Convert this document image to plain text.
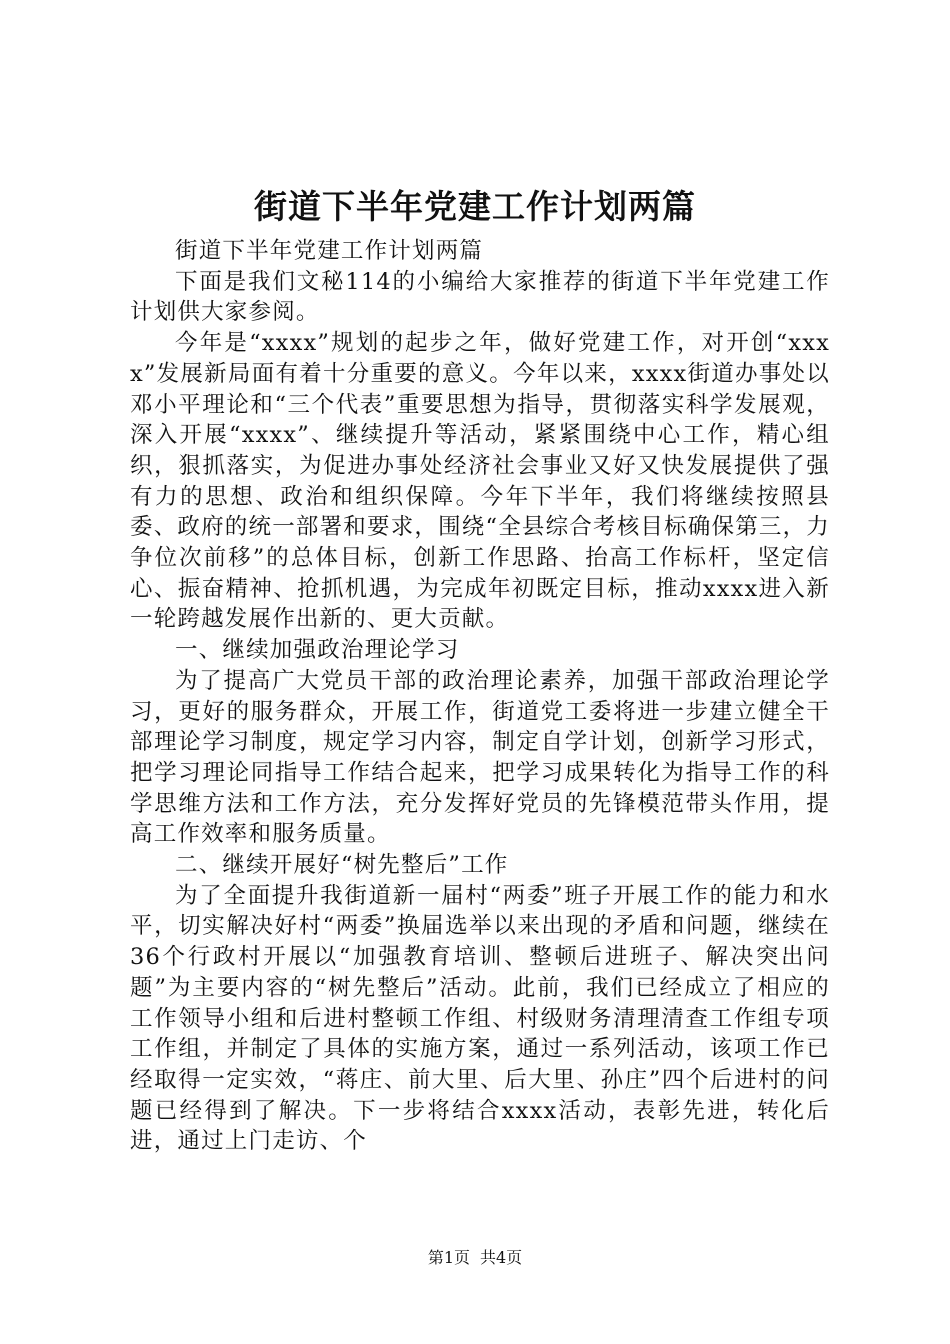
街道下半年党建工作计划两篇

街道下半年党建工作计划两篇

下面是我们文秘114的小编给大家推荐的街道下半年党建工作计划供大家参阅。

今年是“xxxx”规划的起步之年，做好党建工作，对开创“xxxx”发展新局面有着十分重要的意义。今年以来，xxxx街道办事处以邓小平理论和“三个代表”重要思想为指导，贯彻落实科学发展观，深入开展“xxxx”、继续提升等活动，紧紧围绕中心工作，精心组织，狠抓落实，为促进办事处经济社会事业又好又快发展提供了强有力的思想、政治和组织保障。今年下半年，我们将继续按照县委、政府的统一部署和要求，围绕“全县综合考核目标确保第三，力争位次前移”的总体目标，创新工作思路、抬高工作标杆，坚定信心、振奋精神、抢抓机遇，为完成年初既定目标，推动xxxx进入新一轮跨越发展作出新的、更大贡献。

一、继续加强政治理论学习

为了提高广大党员干部的政治理论素养，加强干部政治理论学习，更好的服务群众，开展工作，街道党工委将进一步建立健全干部理论学习制度，规定学习内容，制定自学计划，创新学习形式，把学习理论同指导工作结合起来，把学习成果转化为指导工作的科学思维方法和工作方法，充分发挥好党员的先锋模范带头作用，提高工作效率和服务质量。

二、继续开展好“树先整后”工作

为了全面提升我街道新一届村“两委”班子开展工作的能力和水平，切实解决好村“两委”换届选举以来出现的矛盾和问题，继续在36个行政村开展以“加强教育培训、整顿后进班子、解决突出问题”为主要内容的“树先整后”活动。此前，我们已经成立了相应的工作领导小组和后进村整顿工作组、村级财务清理清查工作组专项工作组，并制定了具体的实施方案，通过一系列活动，该项工作已经取得一定实效，“蒋庄、前大里、后大里、孙庄”四个后进村的问题已经得到了解决。下一步将结合xxxx活动，表彰先进，转化后进，通过上门走访、个

第1页 共4页
